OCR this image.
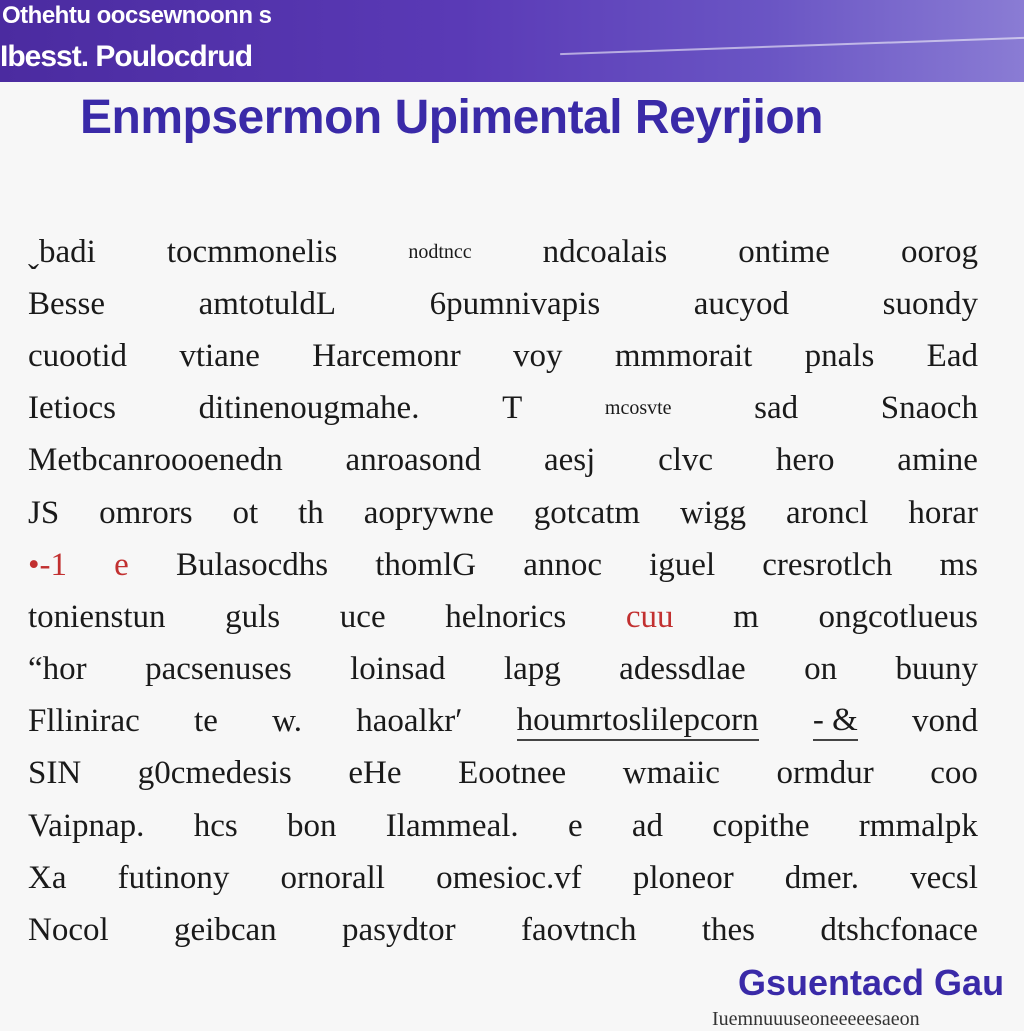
Othehtu oocsewnoonn s
Ibesst. Poulocdrud
Enmpsermon Upimental Reyrjion
ˬbadi tocmmonelis	nodtncc ndcoalais ontime oorog
Besse	amtotuldL	6pumnivapis	aucyod	suondy
cuootid vtiane Harcemonr voy mmmorait pnals Ead
Ietiocs	ditinenougmahe.	T	mcosvte	sad	Snaoch
Metbcanroooenedn anroasond aesj clvc hero amine
JS omrors ot th aoprywne gotcatm wigg aroncl horar
•-1 e Bulasocdhs thomlG annoc iguel cresrotlch ms
tonienstun guls uce helnorics cuu m ongcotlueus
“hor pacsenuses loinsad lapg adessdlae on buuny
Fllinirac te w. haoalkrʹ houmrtoslilepcorn - & vond
SIN g0cmedesis eHe Eootnee wmaiic ormdur coo
Vaipnap. hcs bon Ilammeal. e ad copithe rmmalpk
Xa futinony ornorall omesioc.vf ploneor dmer. vecsl
Nocol geibcan pasydtor faovtnch thes dtshcfonace
Gsuentacd Gau
Iuemnuuuseoneeeeesaeon
